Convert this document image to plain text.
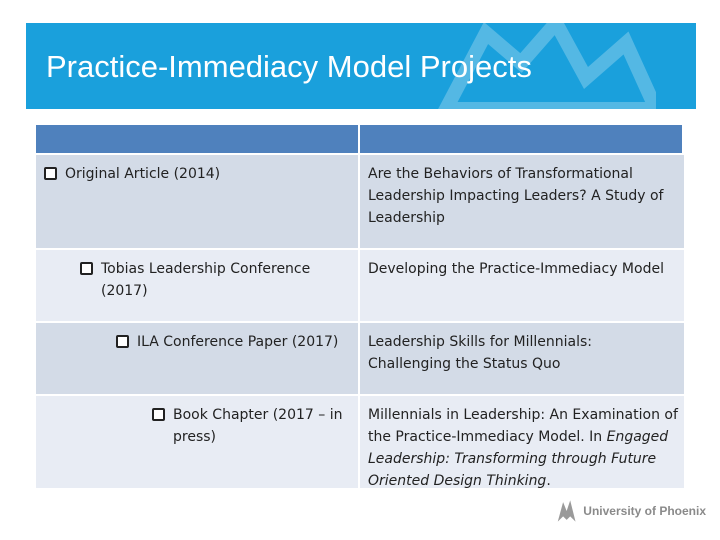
Practice-Immediacy Model Projects
Original Article (2014)	Are the Behaviors of Transformational Leadership Impacting Leaders? A Study of Leadership
Tobias Leadership Conference (2017)
Developing the Practice-Immediacy Model
ILA Conference Paper (2017) Leadership Skills for Millennials: Challenging the Status Quo
Book Chapter (2017 – in press)
Millennials in Leadership: An Examination of the Practice-Immediacy Model. In Engaged Leadership: Transforming through Future Oriented Design Thinking.
University of Phoenix
